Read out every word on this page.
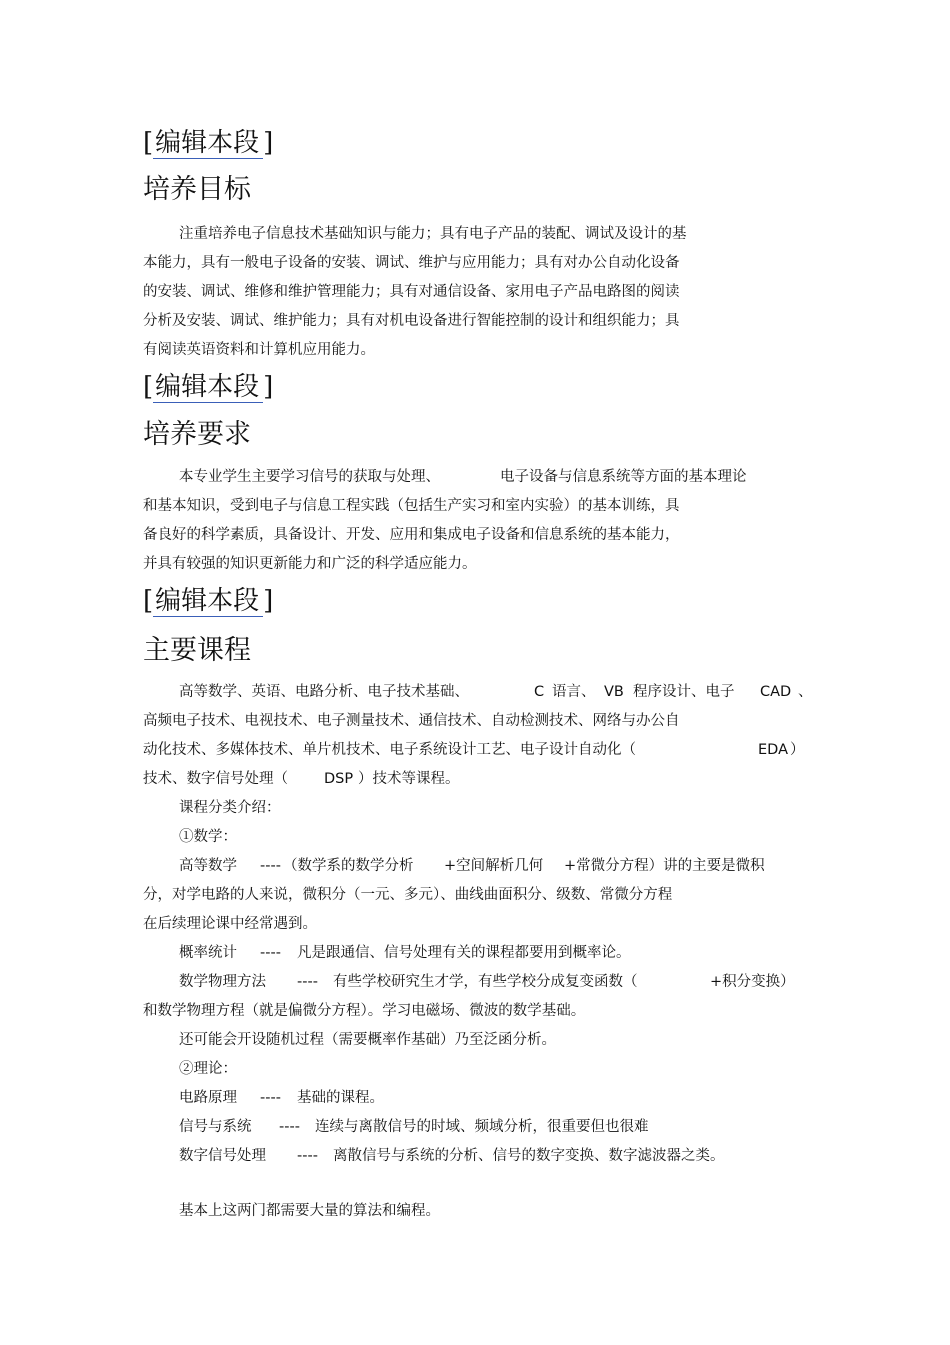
[编辑本段 ]
培养目标
注重培养电子信息技术基础知识与能力；具有电子产品的装配、调试及设计的基
本能力，具有一般电子设备的安装、调试、维护与应用能力；具有对办公自动化设备
的安装、调试、维修和维护管理能力；具有对通信设备、家用电子产品电路图的阅读
分析及安装、调试、维护能力；具有对机电设备进行智能控制的设计和组织能力；具
有阅读英语资料和计算机应用能力。
[编辑本段 ]
培养要求
本专业学生主要学习信号的获取与处理、	电子设备与信息系统等方面的基本理论
和基本知识，受到电子与信息工程实践（包括生产实习和室内实验）的基本训练，具
备良好的科学素质，具备设计、开发、应用和集成电子设备和信息系统的基本能力，
并具有较强的知识更新能力和广泛的科学适应能力。
[编辑本段 ]
主要课程
高等数学、英语、电路分析、电子技术基础、	C 语言、 VB 程序设计、电子 CAD 、
高频电子技术、电视技术、电子测量技术、通信技术、自动检测技术、网络与办公自
动化技术、多媒体技术、单片机技术、电子系统设计工艺、电子设计自动化（	EDA ）
技术、数字信号处理（ DSP ）技术等课程。
课程分类介绍：
①数学：
高等数学 ---- （数学系的数学分析 +空间解析几何 +常微分方程）讲的主要是微积
分，对学电路的人来说，微积分（一元、多元）、曲线曲面积分、级数、常微分方程
在后续理论课中经常遇到。
概率统计 ---- 凡是跟通信、信号处理有关的课程都要用到概率论。
数学物理方法 ---- 有些学校研究生才学，有些学校分成复变函数（	+积分变换）
和数学物理方程（就是偏微分方程）。学习电磁场、微波的数学基础。
还可能会开设随机过程（需要概率作基础）乃至泛函分析。
②理论：
电路原理 ---- 基础的课程。
信号与系统 ---- 连续与离散信号的时域、频域分析，很重要但也很难
数字信号处理 ---- 离散信号与系统的分析、信号的数字变换、数字滤波器之类。
基本上这两门都需要大量的算法和编程。
